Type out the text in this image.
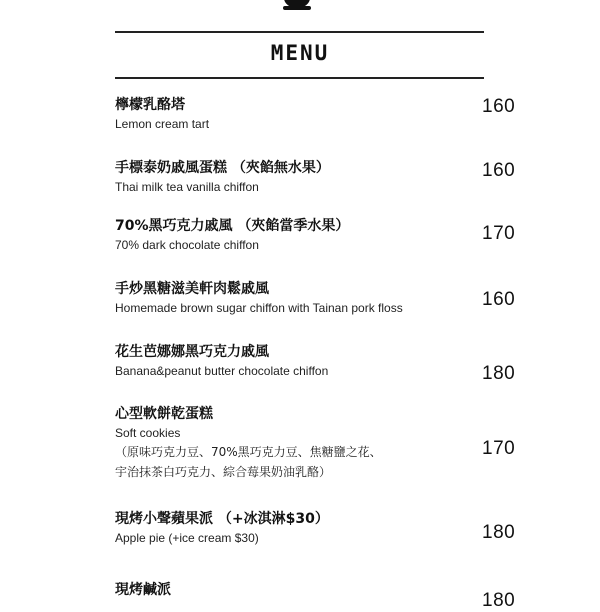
MENU
檸檬乳酪塔
Lemon cream tart
160
手標泰奶戚風蛋糕 （夾餡無水果）
Thai milk tea vanilla chiffon
160
70%黑巧克力戚風 （夾餡當季水果）
70% dark chocolate chiffon
170
手炒黑糖滋美軒肉鬆戚風
Homemade brown sugar chiffon with Tainan pork floss	160
花生芭娜娜黑巧克力戚風
Banana&peanut butter chocolate chiffon	180
心型軟餅乾蛋糕
Soft cookies
（原味巧克力豆、70%黑巧克力豆、焦糖鹽之花、
宇治抹茶白巧克力、綜合莓果奶油乳酪）
170
現烤小聲蘋果派 （+冰淇淋$30）
Apple pie (+ice cream $30)	180
現烤鹹派	180
